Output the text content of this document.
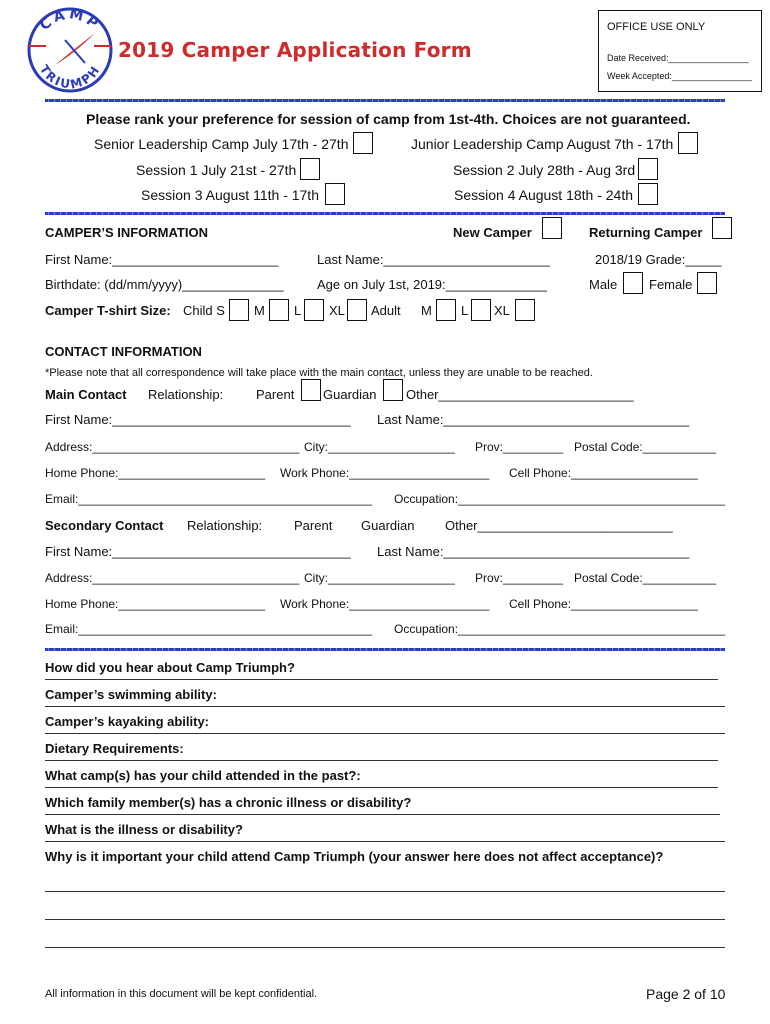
CAMP
TRIUMPH
2019 Camper Application Form
OFFICE USE ONLY
Date Received:________________
Week Accepted:________________
Please rank your preference for session of camp from 1st-4th. Choices are not guaranteed.
Senior Leadership Camp July 17th - 27th	Junior Leadership Camp August 7th - 17th
Session 1 July 21st - 27th	Session 2 July 28th - Aug 3rd
Session 3 August 11th - 17th	Session 4 August 18th - 24th
CAMPER’S INFORMATION	New Camper	Returning Camper
First Name:_______________________	Last Name:_______________________	2018/19 Grade:_____
Birthdate: (dd/mm/yyyy)______________	Age on July 1st, 2019:______________	Male Female
Camper T-shirt Size: Child S M L XL Adult M L XL
CONTACT INFORMATION
*Please note that all correspondence will take place with the main contact, unless they are unable to be reached.
Main Contact Relationship:	Parent Guardian Other___________________________
First Name:_________________________________ Last Name:__________________________________
Address:_______________________________ City:___________________ Prov:_________ Postal Code:___________
Home Phone:______________________ Work Phone:_____________________ Cell Phone:___________________
Email:____________________________________________ Occupation:________________________________________
Secondary Contact Relationship: Parent Guardian Other___________________________
First Name:_________________________________ Last Name:__________________________________
Address:_______________________________ City:___________________ Prov:_________ Postal Code:___________
Home Phone:______________________ Work Phone:_____________________ Cell Phone:___________________
Email:____________________________________________ Occupation:________________________________________
How did you hear about Camp Triumph?
Camper’s swimming ability:
Camper’s kayaking ability:
Dietary Requirements:
What camp(s) has your child attended in the past?:
Which family member(s) has a chronic illness or disability?
What is the illness or disability?
Why is it important your child attend Camp Triumph (your answer here does not affect acceptance)?
All information in this document will be kept confidential.	Page 2 of 10
